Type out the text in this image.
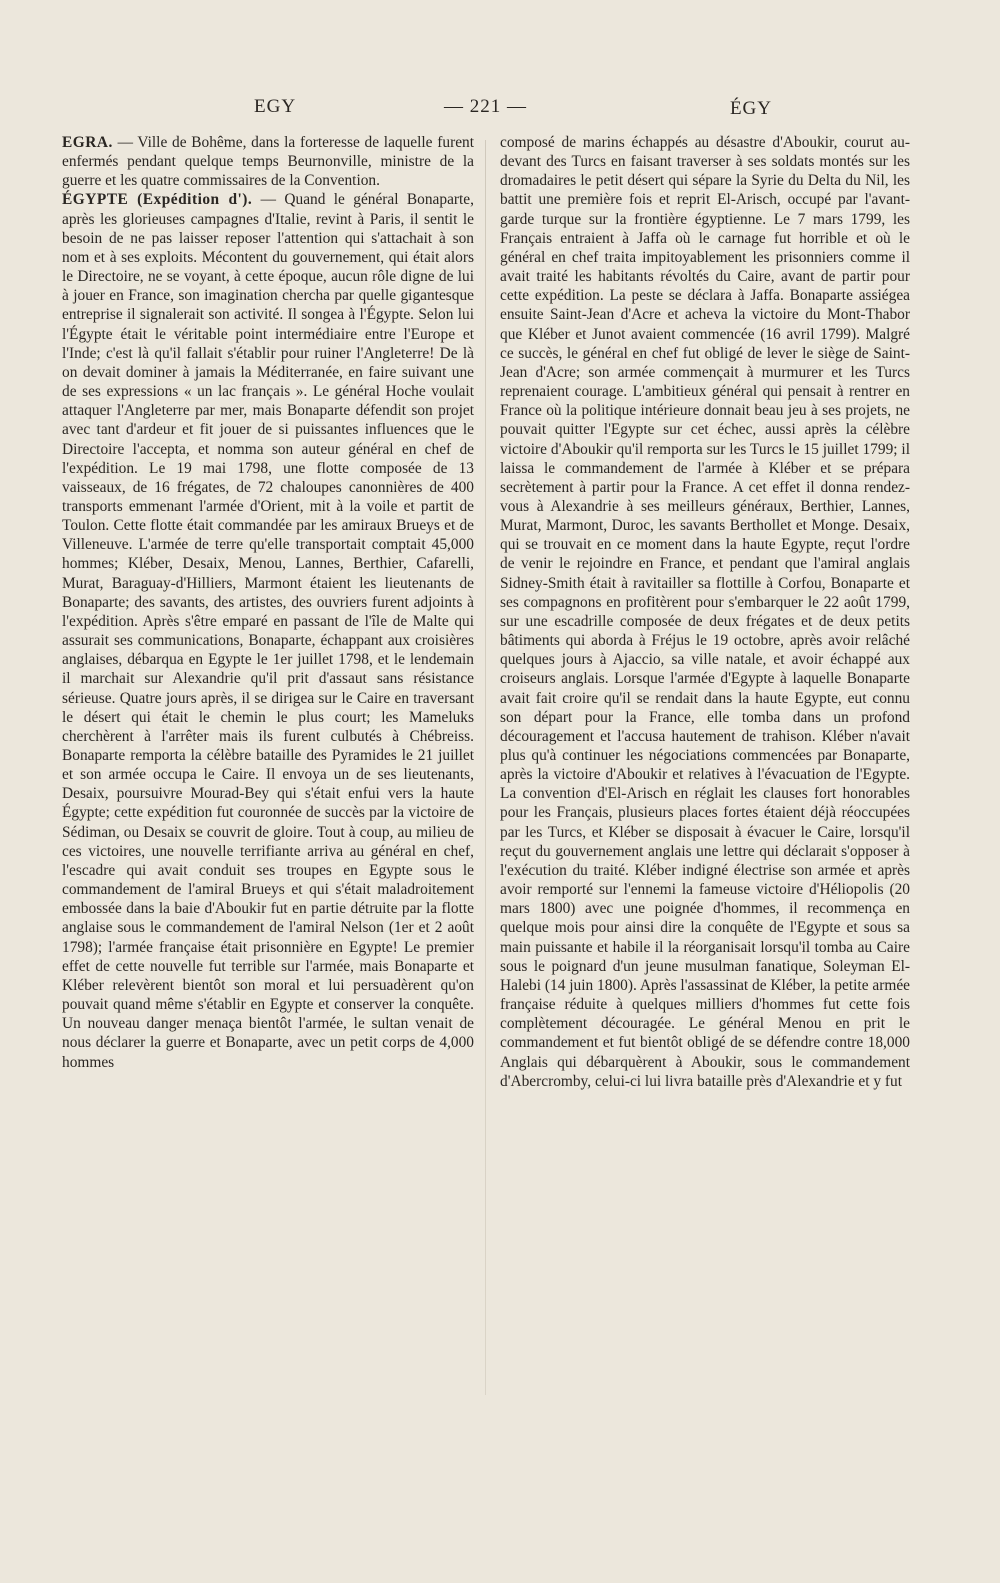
EGY	— 221 —	ÉGY

EGRA. — Ville de Bohême, dans la forteresse de laquelle furent enfermés pendant quelque temps Beurnonville, ministre de la guerre et les quatre commissaires de la Convention.

ÉGYPTE (Expédition d'). — Quand le général Bonaparte, après les glorieuses campagnes d'Italie, revint à Paris, il sentit le besoin de ne pas laisser reposer l'attention qui s'attachait à son nom et à ses exploits. Mécontent du gouvernement, qui était alors le Directoire, ne se voyant, à cette époque, aucun rôle digne de lui à jouer en France, son imagination chercha par quelle gigantesque entreprise il signalerait son activité. Il songea à l'Égypte. Selon lui l'Égypte était le véritable point intermédiaire entre l'Europe et l'Inde; c'est là qu'il fallait s'établir pour ruiner l'Angleterre! De là on devait dominer à jamais la Méditerranée, en faire suivant une de ses expressions « un lac français ». Le général Hoche voulait attaquer l'Angleterre par mer, mais Bonaparte défendit son projet avec tant d'ardeur et fit jouer de si puissantes influences que le Directoire l'accepta, et nomma son auteur général en chef de l'expédition. Le 19 mai 1798, une flotte composée de 13 vaisseaux, de 16 frégates, de 72 chaloupes canonnières de 400 transports emmenant l'armée d'Orient, mit à la voile et partit de Toulon. Cette flotte était commandée par les amiraux Brueys et de Villeneuve. L'armée de terre qu'elle transportait comptait 45,000 hommes; Kléber, Desaix, Menou, Lannes, Berthier, Cafarelli, Murat, Baraguay-d'Hilliers, Marmont étaient les lieutenants de Bonaparte; des savants, des artistes, des ouvriers furent adjoints à l'expédition. Après s'être emparé en passant de l'île de Malte qui assurait ses communications, Bonaparte, échappant aux croisières anglaises, débarqua en Egypte le 1er juillet 1798, et le lendemain il marchait sur Alexandrie qu'il prit d'assaut sans résistance sérieuse. Quatre jours après, il se dirigea sur le Caire en traversant le désert qui était le chemin le plus court; les Mameluks cherchèrent à l'arrêter mais ils furent culbutés à Chébreiss. Bonaparte remporta la célèbre bataille des Pyramides le 21 juillet et son armée occupa le Caire. Il envoya un de ses lieutenants, Desaix, poursuivre Mourad-Bey qui s'était enfui vers la haute Égypte; cette expédition fut couronnée de succès par la victoire de Sédiman, ou Desaix se couvrit de gloire. Tout à coup, au milieu de ces victoires, une nouvelle terrifiante arriva au général en chef, l'escadre qui avait conduit ses troupes en Egypte sous le commandement de l'amiral Brueys et qui s'était maladroitement embossée dans la baie d'Aboukir fut en partie détruite par la flotte anglaise sous le commandement de l'amiral Nelson (1er et 2 août 1798); l'armée française était prisonnière en Egypte! Le premier effet de cette nouvelle fut terrible sur l'armée, mais Bonaparte et Kléber relevèrent bientôt son moral et lui persuadèrent qu'on pouvait quand même s'établir en Egypte et conserver la conquête. Un nouveau danger menaça bientôt l'armée, le sultan venait de nous déclarer la guerre et Bonaparte, avec un petit corps de 4,000 hommes

composé de marins échappés au désastre d'Aboukir, courut au-devant des Turcs en faisant traverser à ses soldats montés sur les dromadaires le petit désert qui sépare la Syrie du Delta du Nil, les battit une première fois et reprit El-Arisch, occupé par l'avant-garde turque sur la frontière égyptienne. Le 7 mars 1799, les Français entraient à Jaffa où le carnage fut horrible et où le général en chef traita impitoyablement les prisonniers comme il avait traité les habitants révoltés du Caire, avant de partir pour cette expédition. La peste se déclara à Jaffa. Bonaparte assiégea ensuite Saint-Jean d'Acre et acheva la victoire du Mont-Thabor que Kléber et Junot avaient commencée (16 avril 1799). Malgré ce succès, le général en chef fut obligé de lever le siège de Saint-Jean d'Acre; son armée commençait à murmurer et les Turcs reprenaient courage. L'ambitieux général qui pensait à rentrer en France où la politique intérieure donnait beau jeu à ses projets, ne pouvait quitter l'Egypte sur cet échec, aussi après la célèbre victoire d'Aboukir qu'il remporta sur les Turcs le 15 juillet 1799; il laissa le commandement de l'armée à Kléber et se prépara secrètement à partir pour la France. A cet effet il donna rendez-vous à Alexandrie à ses meilleurs généraux, Berthier, Lannes, Murat, Marmont, Duroc, les savants Berthollet et Monge. Desaix, qui se trouvait en ce moment dans la haute Egypte, reçut l'ordre de venir le rejoindre en France, et pendant que l'amiral anglais Sidney-Smith était à ravitailler sa flottille à Corfou, Bonaparte et ses compagnons en profitèrent pour s'embarquer le 22 août 1799, sur une escadrille composée de deux frégates et de deux petits bâtiments qui aborda à Fréjus le 19 octobre, après avoir relâché quelques jours à Ajaccio, sa ville natale, et avoir échappé aux croiseurs anglais. Lorsque l'armée d'Egypte à laquelle Bonaparte avait fait croire qu'il se rendait dans la haute Egypte, eut connu son départ pour la France, elle tomba dans un profond découragement et l'accusa hautement de trahison. Kléber n'avait plus qu'à continuer les négociations commencées par Bonaparte, après la victoire d'Aboukir et relatives à l'évacuation de l'Egypte. La convention d'El-Arisch en réglait les clauses fort honorables pour les Français, plusieurs places fortes étaient déjà réoccupées par les Turcs, et Kléber se disposait à évacuer le Caire, lorsqu'il reçut du gouvernement anglais une lettre qui déclarait s'opposer à l'exécution du traité. Kléber indigné électrise son armée et après avoir remporté sur l'ennemi la fameuse victoire d'Héliopolis (20 mars 1800) avec une poignée d'hommes, il recommença en quelque mois pour ainsi dire la conquête de l'Egypte et sous sa main puissante et habile il la réorganisait lorsqu'il tomba au Caire sous le poignard d'un jeune musulman fanatique, Soleyman El-Halebi (14 juin 1800). Après l'assassinat de Kléber, la petite armée française réduite à quelques milliers d'hommes fut cette fois complètement découragée. Le général Menou en prit le commandement et fut bientôt obligé de se défendre contre 18,000 Anglais qui débarquèrent à Aboukir, sous le commandement d'Abercromby, celui-ci lui livra bataille près d'Alexandrie et y fut
